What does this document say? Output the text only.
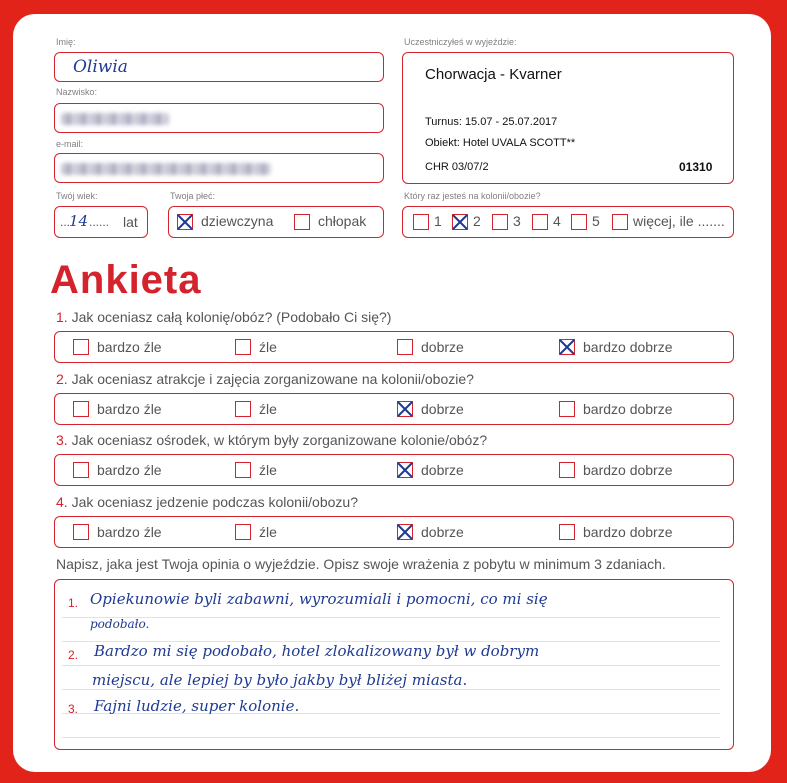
Imię:
Oliwia
Nazwisko:
e-mail:
Twój wiek:
...
14 ...... lat
Twoja płeć:
dziewczyna	chłopak
Uczestniczyłeś w wyjeździe:
Chorwacja - Kvarner
Turnus: 15.07 - 25.07.2017
Obiekt: Hotel UVALA SCOTT**
CHR 03/07/2	01310
Który raz jesteś na kolonii/obozie?
1 2 3 4 5 więcej, ile .......
Ankieta
1. Jak oceniasz całą kolonię/obóz? (Podobało Ci się?)
bardzo źle	źle	dobrze	bardzo dobrze
2. Jak oceniasz atrakcje i zajęcia zorganizowane na kolonii/obozie?
bardzo źle	źle	dobrze	bardzo dobrze
3. Jak oceniasz ośrodek, w którym były zorganizowane kolonie/obóz?
bardzo źle	źle	dobrze	bardzo dobrze
4. Jak oceniasz jedzenie podczas kolonii/obozu?
bardzo źle	źle	dobrze	bardzo dobrze
Napisz, jaka jest Twoja opinia o wyjeździe. Opisz swoje wrażenia z pobytu w minimum 3 zdaniach.
1. Opiekunowie byli zabawni, wyrozumiali i pomocni, co mi się
podobało.
2. Bardzo mi się podobało, hotel zlokalizowany był w dobrym
miejscu, ale lepiej by było jakby był bliżej miasta.
3. Fajni ludzie, super kolonie.
